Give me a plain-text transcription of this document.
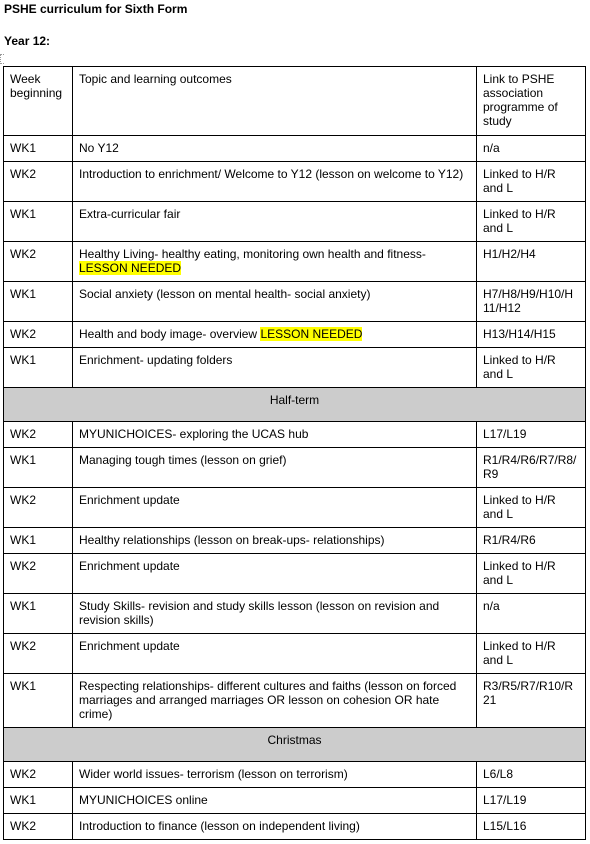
PSHE curriculum for Sixth Form
Year 12:
Week beginning	Topic and learning outcomes	Link to PSHE association programme of study
WK1	No Y12	n/a
WK2	Introduction to enrichment/ Welcome to Y12 (lesson on welcome to Y12)	Linked to H/R and L
WK1	Extra-curricular fair	Linked to H/R and L
WK2	Healthy Living- healthy eating, monitoring own health and fitness- LESSON NEEDED	H1/H2/H4
WK1	Social anxiety (lesson on mental health- social anxiety)	H7/H8/H9/H10/H11/H12
WK2	Health and body image- overview LESSON NEEDED	H13/H14/H15
WK1	Enrichment- updating folders	Linked to H/R and L
Half-term		
WK2	MYUNICHOICES- exploring the UCAS hub	L17/L19
WK1	Managing tough times (lesson on grief)	R1/R4/R6/R7/R8/R9
WK2	Enrichment update	Linked to H/R and L
WK1	Healthy relationships (lesson on break-ups- relationships)	R1/R4/R6
WK2	Enrichment update	Linked to H/R and L
WK1	Study Skills- revision and study skills lesson (lesson on revision and revision skills)	n/a
WK2	Enrichment update	Linked to H/R and L
WK1	Respecting relationships- different cultures and faiths (lesson on forced marriages and arranged marriages OR lesson on cohesion OR hate crime)	R3/R5/R7/R10/R21
Christmas		
WK2	Wider world issues- terrorism (lesson on terrorism)	L6/L8
WK1	MYUNICHOICES online	L17/L19
WK2	Introduction to finance (lesson on independent living)	L15/L16
